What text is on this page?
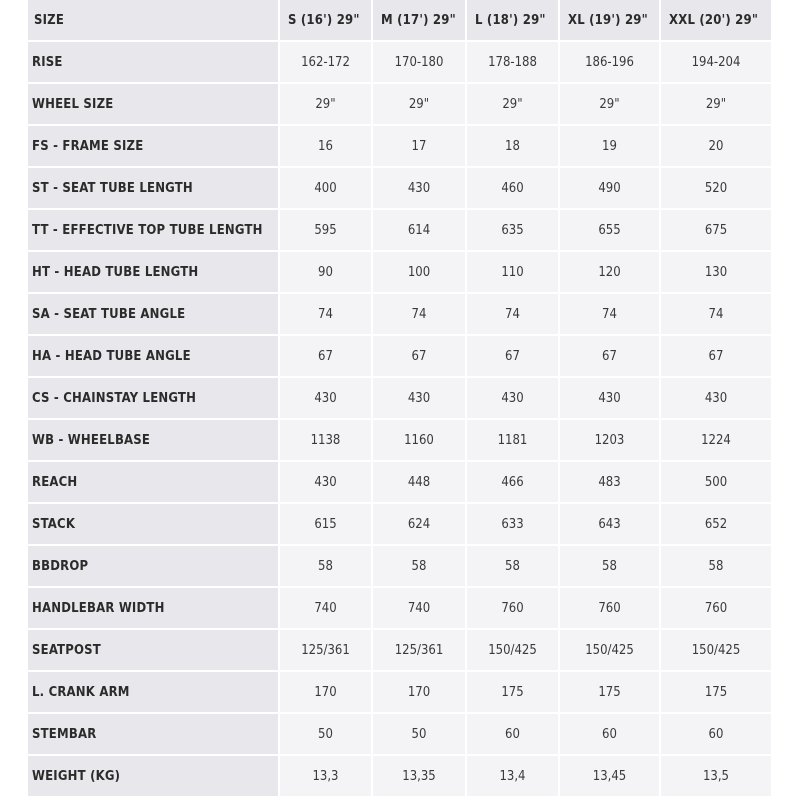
SIZE	S (16') 29"	M (17') 29"	L (18') 29"	XL (19') 29"	XXL (20') 29"
RISE	162-172	170-180	178-188	186-196	194-204
WHEEL SIZE	29"	29"	29"	29"	29"
FS - FRAME SIZE	16	17	18	19	20
ST - SEAT TUBE LENGTH	400	430	460	490	520
TT - EFFECTIVE TOP TUBE LENGTH	595	614	635	655	675
HT - HEAD TUBE LENGTH	90	100	110	120	130
SA - SEAT TUBE ANGLE	74	74	74	74	74
HA - HEAD TUBE ANGLE	67	67	67	67	67
CS - CHAINSTAY LENGTH	430	430	430	430	430
WB - WHEELBASE	1138	1160	1181	1203	1224
REACH	430	448	466	483	500
STACK	615	624	633	643	652
BBDROP	58	58	58	58	58
HANDLEBAR WIDTH	740	740	760	760	760
SEATPOST	125/361	125/361	150/425	150/425	150/425
L. CRANK ARM	170	170	175	175	175
STEMBAR	50	50	60	60	60
WEIGHT (KG)	13,3	13,35	13,4	13,45	13,5
